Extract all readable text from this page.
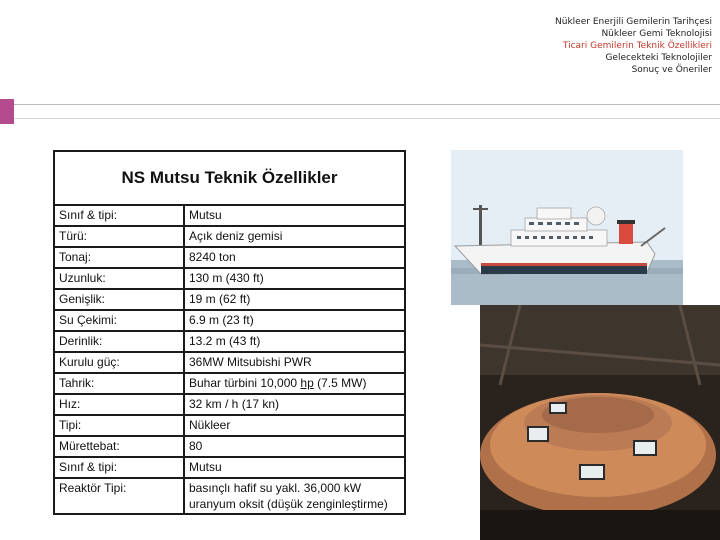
Nükleer Enerjili Gemilerin Tarihçesi
Nükleer Gemi Teknolojisi
Ticari Gemilerin Teknik Özellikleri
Gelecekteki Teknolojiler
Sonuç ve Öneriler
NS Mutsu Teknik Özellikler	
Sınıf & tipi:	Mutsu
Türü:	Açık deniz gemisi
Tonaj:	8240 ton
Uzunluk:	130 m (430 ft)
Genişlik:	19 m (62 ft)
Su Çekimi:	6.9 m (23 ft)
Derinlik:	13.2 m (43 ft)
Kurulu güç:	36MW Mitsubishi PWR
Tahrik:	Buhar türbini 10,000 hp (7.5 MW)
Hız:	32 km / h (17 kn)
Tipi:	Nükleer
Mürettebat:	80
Sınıf & tipi:	Mutsu
Reaktör Tipi:	basınçlı hafif su yakl. 36,000 kW uranyum oksit (düşük zenginleştirme)
